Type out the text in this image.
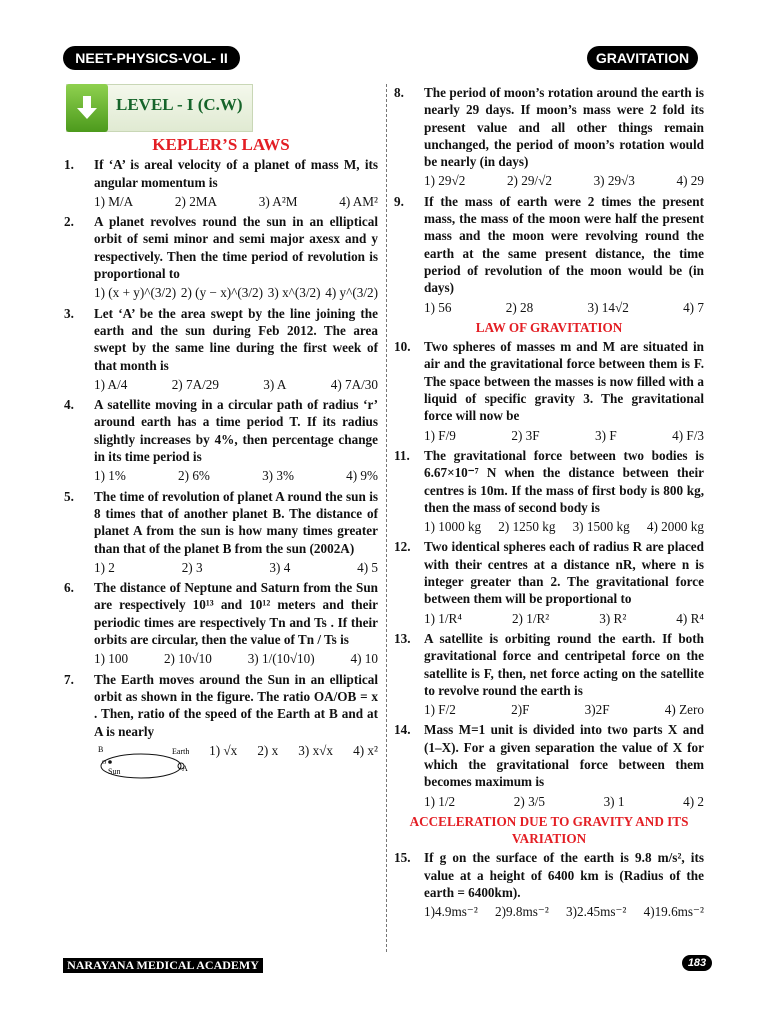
NEET-PHYSICS-VOL- II	GRAVITATION
LEVEL - I (C.W)
KEPLER’S LAWS
1.	If ‘A’ is areal velocity of a planet of mass M, its angular momentum is
1) M/A	2) 2MA	3) A²M	4) AM²
2.	A planet revolves round the sun in an elliptical orbit of semi minor and semi major axesx and y respectively. Then the time period of revolution is proportional to
1) (x + y)^(3/2) 2) (y − x)^(3/2) 3) x^(3/2) 4) y^(3/2)
3.	Let ‘A’ be the area swept by the line joining the earth and the sun during Feb 2012. The area swept by the same line during the first week of that month is
1) A/4	2) 7A/29	3) A	4) 7A/30
4.	A satellite moving in a circular path of radius ‘r’ around earth has a time period T. If its radius slightly increases by 4%, then percentage change in its time period is
1) 1%	2) 6%	3) 3%	4) 9%
5.	The time of revolution of planet A round the sun is 8 times that of another planet B. The distance of planet A from the sun is how many times greater than that of the planet B from the sun (2002A)
1) 2	2) 3	3) 4	4) 5
6.	The distance of Neptune and Saturn from the Sun are respectively 10¹³ and 10¹² meters and their periodic times are respectively Tn and Ts . If their orbits are circular, then the value of Tn / Ts is
1) 100	2) 10√10	3) 1/(10√10)	4) 10
7.	The Earth moves around the Sun in an elliptical orbit as shown in the figure. The ratio OA/OB = x . Then, ratio of the speed of the Earth at B and at A is nearly
B	Earth
O
Sun	A
1) √x 2) x 3) x√x 4) x²
8.	The period of moon’s rotation around the earth is nearly 29 days. If moon’s mass were 2 fold its present value and all other things remain unchanged, the period of moon’s rotation would be nearly (in days)
1) 29√2	2) 29/√2	3) 29√3	4) 29
9.	If the mass of earth were 2 times the present mass, the mass of the moon were half the present mass and the moon were revolving round the earth at the same present distance, the time period of revolution of the moon would be (in days)
1) 56	2) 28	3) 14√2	4) 7
LAW OF GRAVITATION
10.	Two spheres of masses m and M are situated in air and the gravitational force between them is F. The space between the masses is now filled with a liquid of specific gravity 3. The gravitational force will now be
1) F/9	2) 3F	3) F	4) F/3
11.	The gravitational force between two bodies is 6.67×10⁻⁷ N when the distance between their centres is 10m. If the mass of first body is 800 kg, then the mass of second body is
1) 1000 kg 2) 1250 kg 3) 1500 kg 4) 2000 kg
12.	Two identical spheres each of radius R are placed with their centres at a distance nR, where n is integer greater than 2. The gravitational force between them will be proportional to
1) 1/R⁴	2) 1/R²	3) R²	4) R⁴
13.	A satellite is orbiting round the earth. If both gravitational force and centripetal force on the satellite is F, then, net force acting on the satellite to revolve round the earth is
1) F/2	2)F	3)2F	4) Zero
14.	Mass M=1 unit is divided into two parts X and (1–X). For a given separation the value of X for which the gravitational force between them becomes maximum is
1) 1/2	2) 3/5	3) 1	4) 2
ACCELERATION DUE TO GRAVITY AND ITS VARIATION
15.	If g on the surface of the earth is 9.8 m/s², its value at a height of 6400 km is (Radius of the earth = 6400km).
1)4.9ms⁻² 2)9.8ms⁻² 3)2.45ms⁻² 4)19.6ms⁻²
NARAYANA MEDICAL ACADEMY	183
